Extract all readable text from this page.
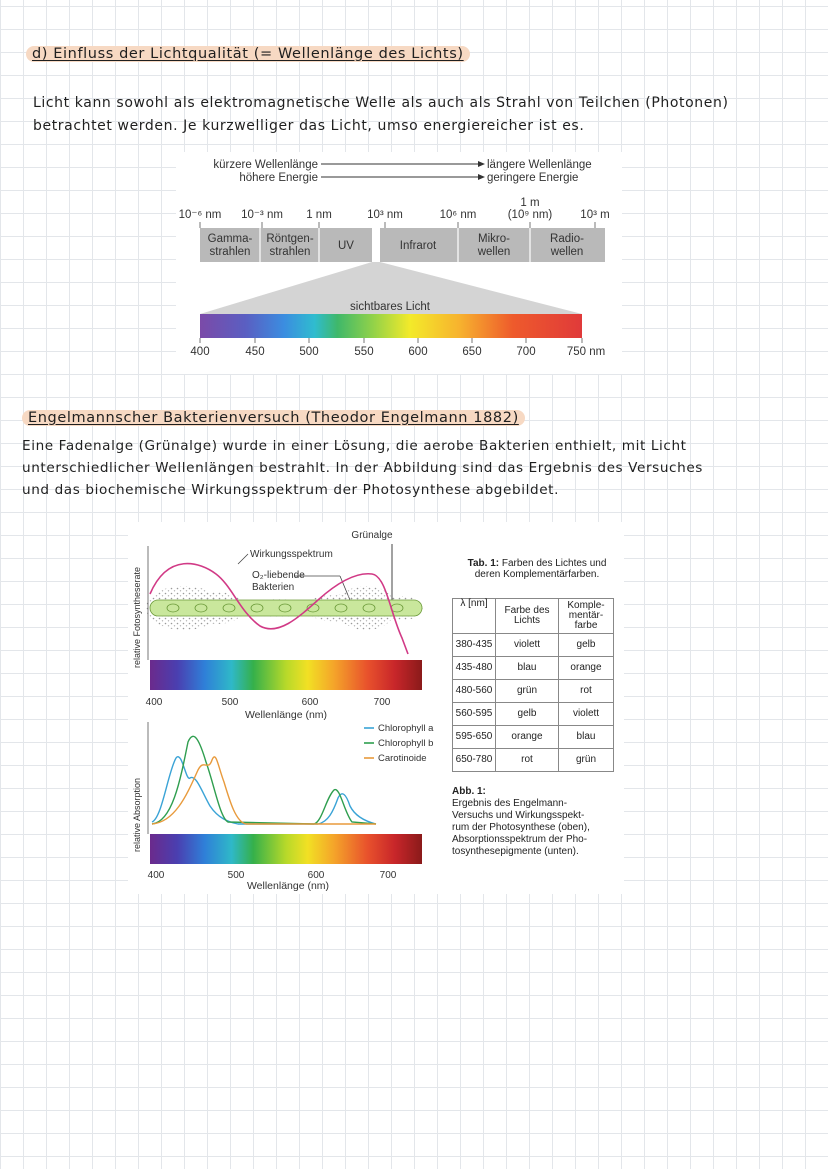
d) Einfluss der Lichtqualität (= Wellenlänge des Lichts)
Licht kann sowohl als elektromagnetische Welle als auch als Strahl von Teilchen (Photonen)
betrachtet werden. Je kurzwelliger das Licht, umso energiereicher ist es.
kürzere Wellenlänge
höhere Energie
längere Wellenlänge
geringere Energie
10⁻⁶ nm 10⁻³ nm 1 nm	10³ nm	10⁶ nm
1 m
(10⁹ nm) 10³ m
Gamma-
strahlen
Röntgen-
strahlen UV	Infrarot
Mikro-
wellen
Radio-
wellen
sichtbares Licht
400	450	500	550	600	650	700	750 nm
Engelmannscher Bakterienversuch (Theodor Engelmann 1882)
Eine Fadenalge (Grünalge) wurde in einer Lösung, die aerobe Bakterien enthielt, mit Licht
unterschiedlicher Wellenlängen bestrahlt. In der Abbildung sind das Ergebnis des Versuches
und das biochemische Wirkungsspektrum der Photosynthese abgebildet.
Grünalge
Wirkungsspektrum
O₂-liebende
Bakterien
relative Fotosyntheserate
400	500	600	700
Wellenlänge (nm)
Chlorophyll a
Chlorophyll b
Carotinoide
relative Absorption
400	500	600	700
Wellenlänge (nm)
Tab. 1: Farben des Lichtes und
deren Komplementärfarben.
λ [nm]	Farbe des Lichts	Komple-mentär-farbe
380-435	violett	gelb
435-480	blau	orange
480-560	grün	rot
560-595	gelb	violett
595-650	orange	blau
650-780	rot	grün
Abb. 1:
Ergebnis des Engelmann-
Versuchs und Wirkungsspekt-
rum der Photosynthese (oben),
Absorptionsspektrum der Pho-
tosynthesepigmente (unten).
